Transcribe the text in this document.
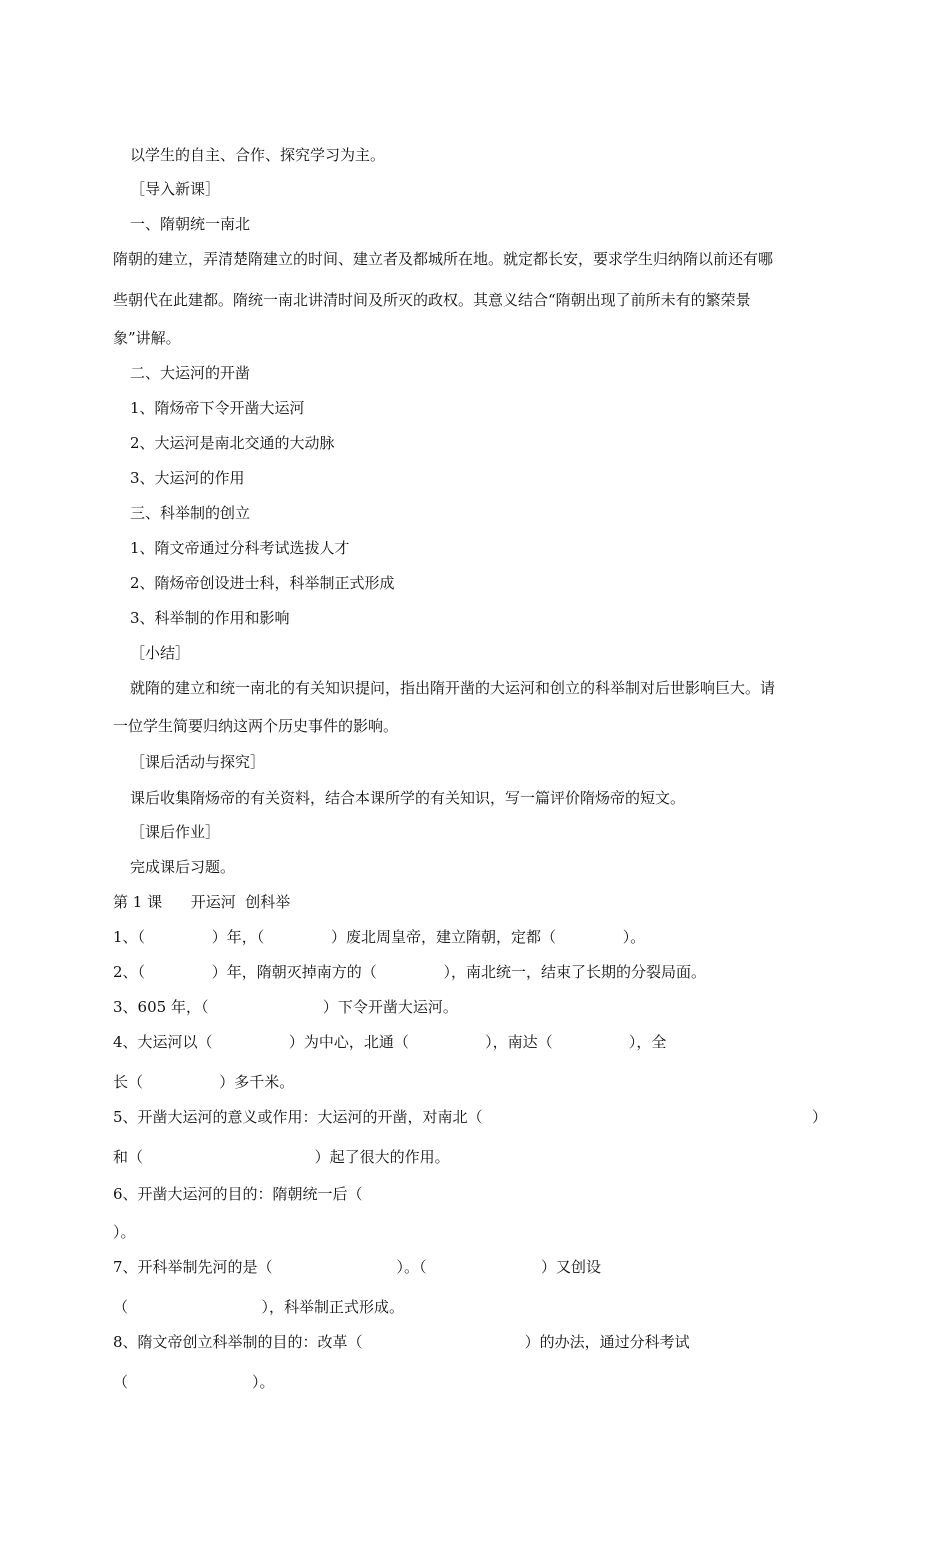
以学生的自主、合作、探究学习为主。
［导入新课］
一、隋朝统一南北
隋朝的建立，弄清楚隋建立的时间、建立者及都城所在地。就定都长安，要求学生归纳隋以前还有哪
些朝代在此建都。隋统一南北讲清时间及所灭的政权。其意义结合“隋朝出现了前所未有的繁荣景
象”讲解。
二、大运河的开凿
1、隋炀帝下令开凿大运河
2、大运河是南北交通的大动脉
3、大运河的作用
三、科举制的创立
1、隋文帝通过分科考试选拔人才
2、隋炀帝创设进士科，科举制正式形成
3、科举制的作用和影响
［小结］
就隋的建立和统一南北的有关知识提问，指出隋开凿的大运河和创立的科举制对后世影响巨大。请
一位学生简要归纳这两个历史事件的影响。
［课后活动与探究］
课后收集隋炀帝的有关资料，结合本课所学的有关知识，写一篇评价隋炀帝的短文。
［课后作业］
完成课后习题。
第 1 课      开运河  创科举
1、（              ）年，（              ）废北周皇帝，建立隋朝，定都（              ）。
2、（              ）年，隋朝灭掉南方的（              ），南北统一，结束了长期的分裂局面。
3、605 年，（                        ）下令开凿大运河。
4、大运河以（                ）为中心，北通（                ），南达（                ），全
长（                ）多千米。
5、开凿大运河的意义或作用：大运河的开凿，对南北（	）
和（                                    ）起了很大的作用。
6、开凿大运河的目的：隋朝统一后（
）。
7、开科举制先河的是（                          ）。（                        ）又创设
（                            ），科举制正式形成。
8、隋文帝创立科举制的目的：改革（                                  ）的办法，通过分科考试
（                          ）。
